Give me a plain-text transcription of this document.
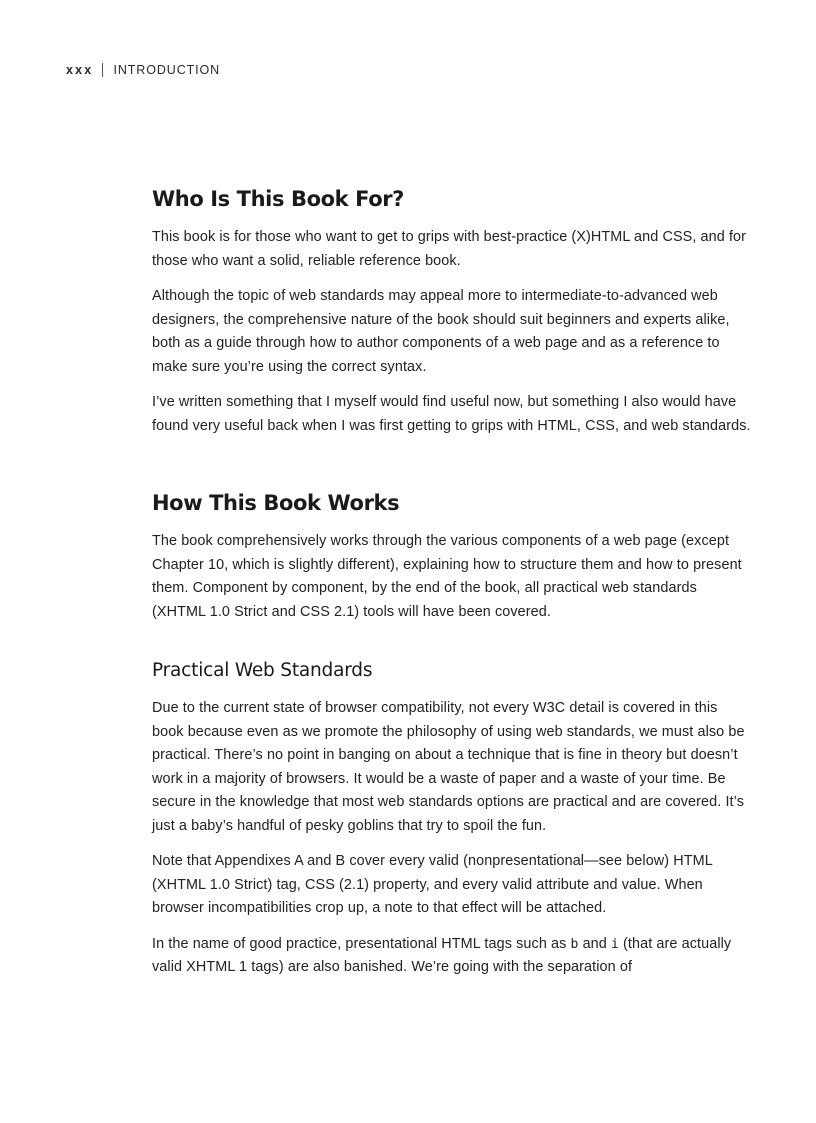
xxx INTRODUCTION
Who Is This Book For?

This book is for those who want to get to grips with best-practice (X)HTML and CSS, and for those who want a solid, reliable reference book.

Although the topic of web standards may appeal more to intermediate-to-advanced web designers, the comprehensive nature of the book should suit beginners and experts alike, both as a guide through how to author components of a web page and as a reference to make sure you’re using the correct syntax.

I’ve written something that I myself would find useful now, but something I also would have found very useful back when I was first getting to grips with HTML, CSS, and web standards.

How This Book Works

The book comprehensively works through the various components of a web page (except Chapter 10, which is slightly different), explaining how to structure them and how to present them. Component by component, by the end of the book, all practical web standards (XHTML 1.0 Strict and CSS 2.1) tools will have been covered.

Practical Web Standards

Due to the current state of browser compatibility, not every W3C detail is covered in this book because even as we promote the philosophy of using web standards, we must also be practical. There’s no point in banging on about a technique that is fine in theory but doesn’t work in a majority of browsers. It would be a waste of paper and a waste of your time. Be secure in the knowledge that most web standards options are practical and are covered. It’s just a baby’s handful of pesky goblins that try to spoil the fun.

Note that Appendixes A and B cover every valid (nonpresentational—see below) HTML (XHTML 1.0 Strict) tag, CSS (2.1) property, and every valid attribute and value. When browser incompatibilities crop up, a note to that effect will be attached.

In the name of good practice, presentational HTML tags such as b and i (that are actually valid XHTML 1 tags) are also banished. We’re going with the separation of
